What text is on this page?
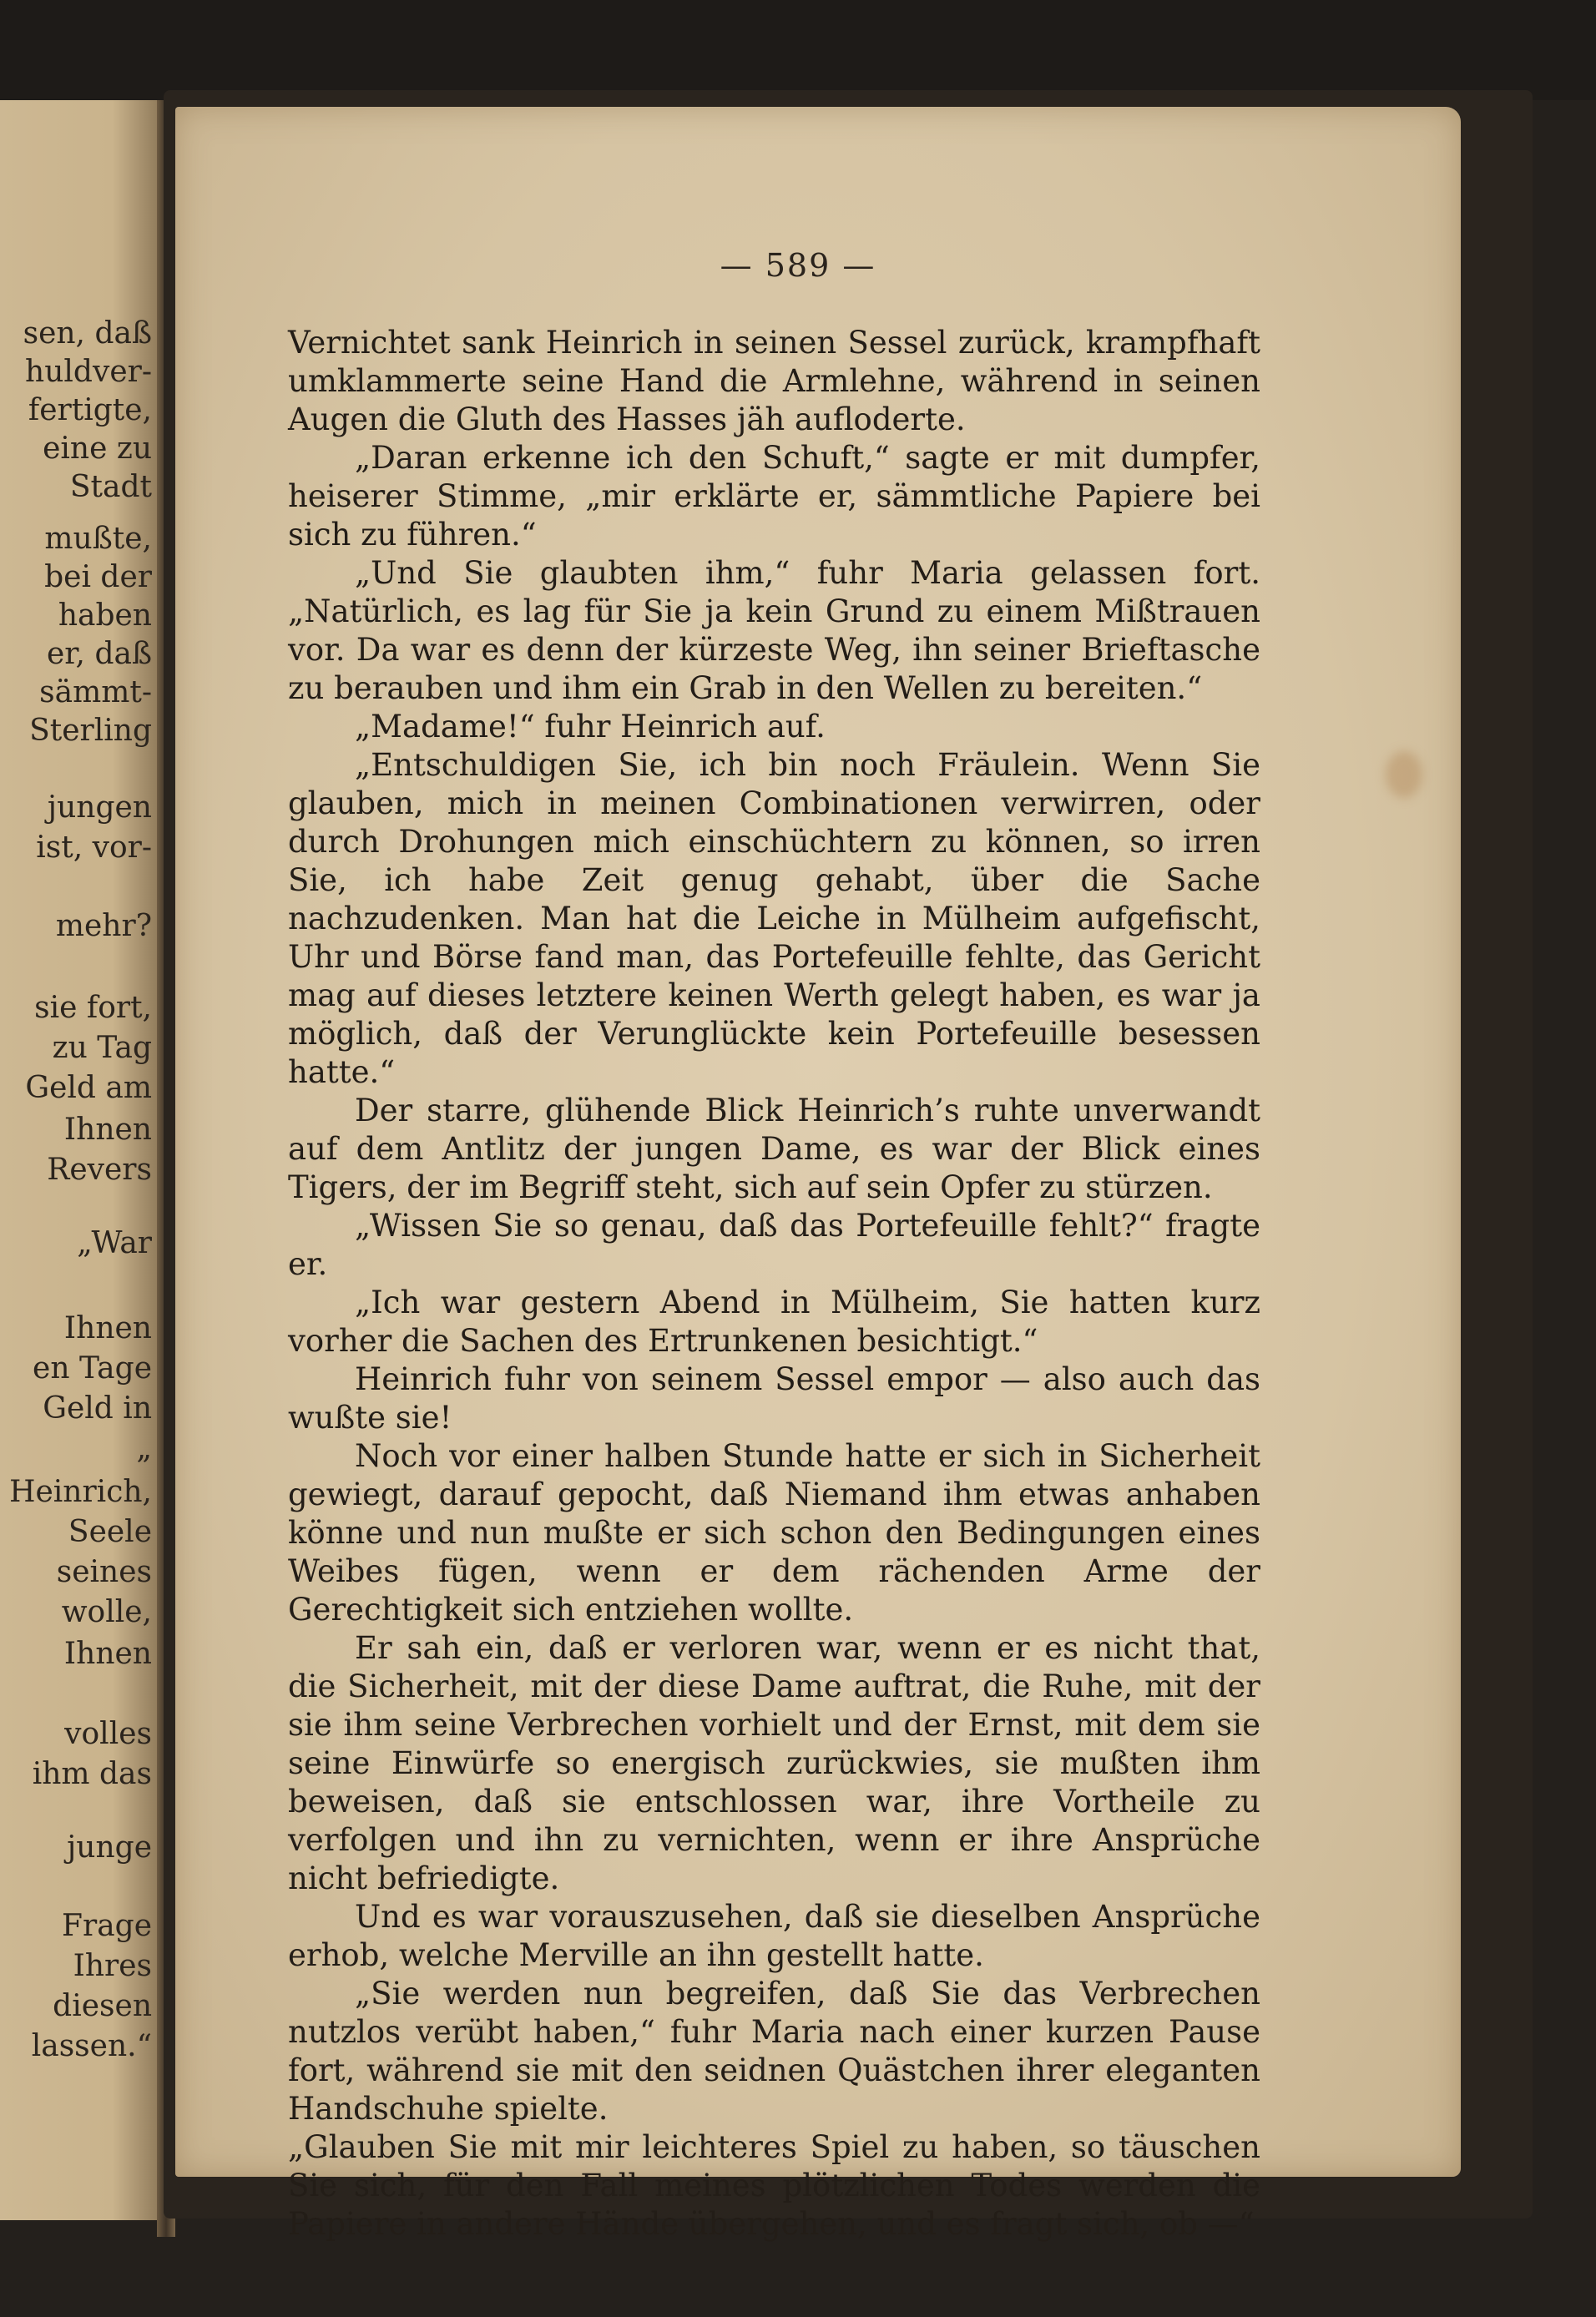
sen, daß
huldver-
fertigte,
eine zu
Stadt
mußte,
bei der
haben
er, daß
sämmt-
Sterling
jungen
ist, vor-
mehr?
sie fort,
zu Tag
Geld am
Ihnen
Revers
„War
Ihnen
en Tage
Geld in
„
Heinrich,
Seele
seines
wolle,
Ihnen
volles
ihm das
junge
Frage
Ihres
diesen
lassen.“
— 589 —

Vernichtet sank Heinrich in seinen Sessel zurück, krampfhaft umklammerte seine Hand die Armlehne, während in seinen Augen die Gluth des Hasses jäh aufloderte.

„Daran erkenne ich den Schuft,“ sagte er mit dumpfer, heiserer Stimme, „mir erklärte er, sämmtliche Papiere bei sich zu führen.“

„Und Sie glaubten ihm,“ fuhr Maria gelassen fort. „Natürlich, es lag für Sie ja kein Grund zu einem Mißtrauen vor. Da war es denn der kürzeste Weg, ihn seiner Brieftasche zu berauben und ihm ein Grab in den Wellen zu bereiten.“

„Madame!“ fuhr Heinrich auf.

„Entschuldigen Sie, ich bin noch Fräulein. Wenn Sie glauben, mich in meinen Combinationen verwirren, oder durch Drohungen mich einschüchtern zu können, so irren Sie, ich habe Zeit genug gehabt, über die Sache nachzudenken. Man hat die Leiche in Mülheim aufgefischt, Uhr und Börse fand man, das Portefeuille fehlte, das Gericht mag auf dieses letztere keinen Werth gelegt haben, es war ja möglich, daß der Verunglückte kein Portefeuille besessen hatte.“

Der starre, glühende Blick Heinrich’s ruhte unverwandt auf dem Antlitz der jungen Dame, es war der Blick eines Tigers, der im Begriff steht, sich auf sein Opfer zu stürzen.

„Wissen Sie so genau, daß das Portefeuille fehlt?“ fragte er.

„Ich war gestern Abend in Mülheim, Sie hatten kurz vorher die Sachen des Ertrunkenen besichtigt.“

Heinrich fuhr von seinem Sessel empor — also auch das wußte sie!

Noch vor einer halben Stunde hatte er sich in Sicherheit gewiegt, darauf gepocht, daß Niemand ihm etwas anhaben könne und nun mußte er sich schon den Bedingungen eines Weibes fügen, wenn er dem rächenden Arme der Gerechtigkeit sich entziehen wollte.

Er sah ein, daß er verloren war, wenn er es nicht that, die Sicherheit, mit der diese Dame auftrat, die Ruhe, mit der sie ihm seine Verbrechen vorhielt und der Ernst, mit dem sie seine Einwürfe so energisch zurückwies, sie mußten ihm beweisen, daß sie entschlossen war, ihre Vortheile zu verfolgen und ihn zu vernichten, wenn er ihre Ansprüche nicht befriedigte.

Und es war vorauszusehen, daß sie dieselben Ansprüche erhob, welche Merville an ihn gestellt hatte.

„Sie werden nun begreifen, daß Sie das Verbrechen nutzlos verübt haben,“ fuhr Maria nach einer kurzen Pause fort, während sie mit den seidnen Quästchen ihrer eleganten Handschuhe spielte.

„Glauben Sie mit mir leichteres Spiel zu haben, so täuschen Sie sich, für den Fall meines plötzlichen Todes werden die Papiere in andere Hände übergehen, und es fragt sich, ob —“
